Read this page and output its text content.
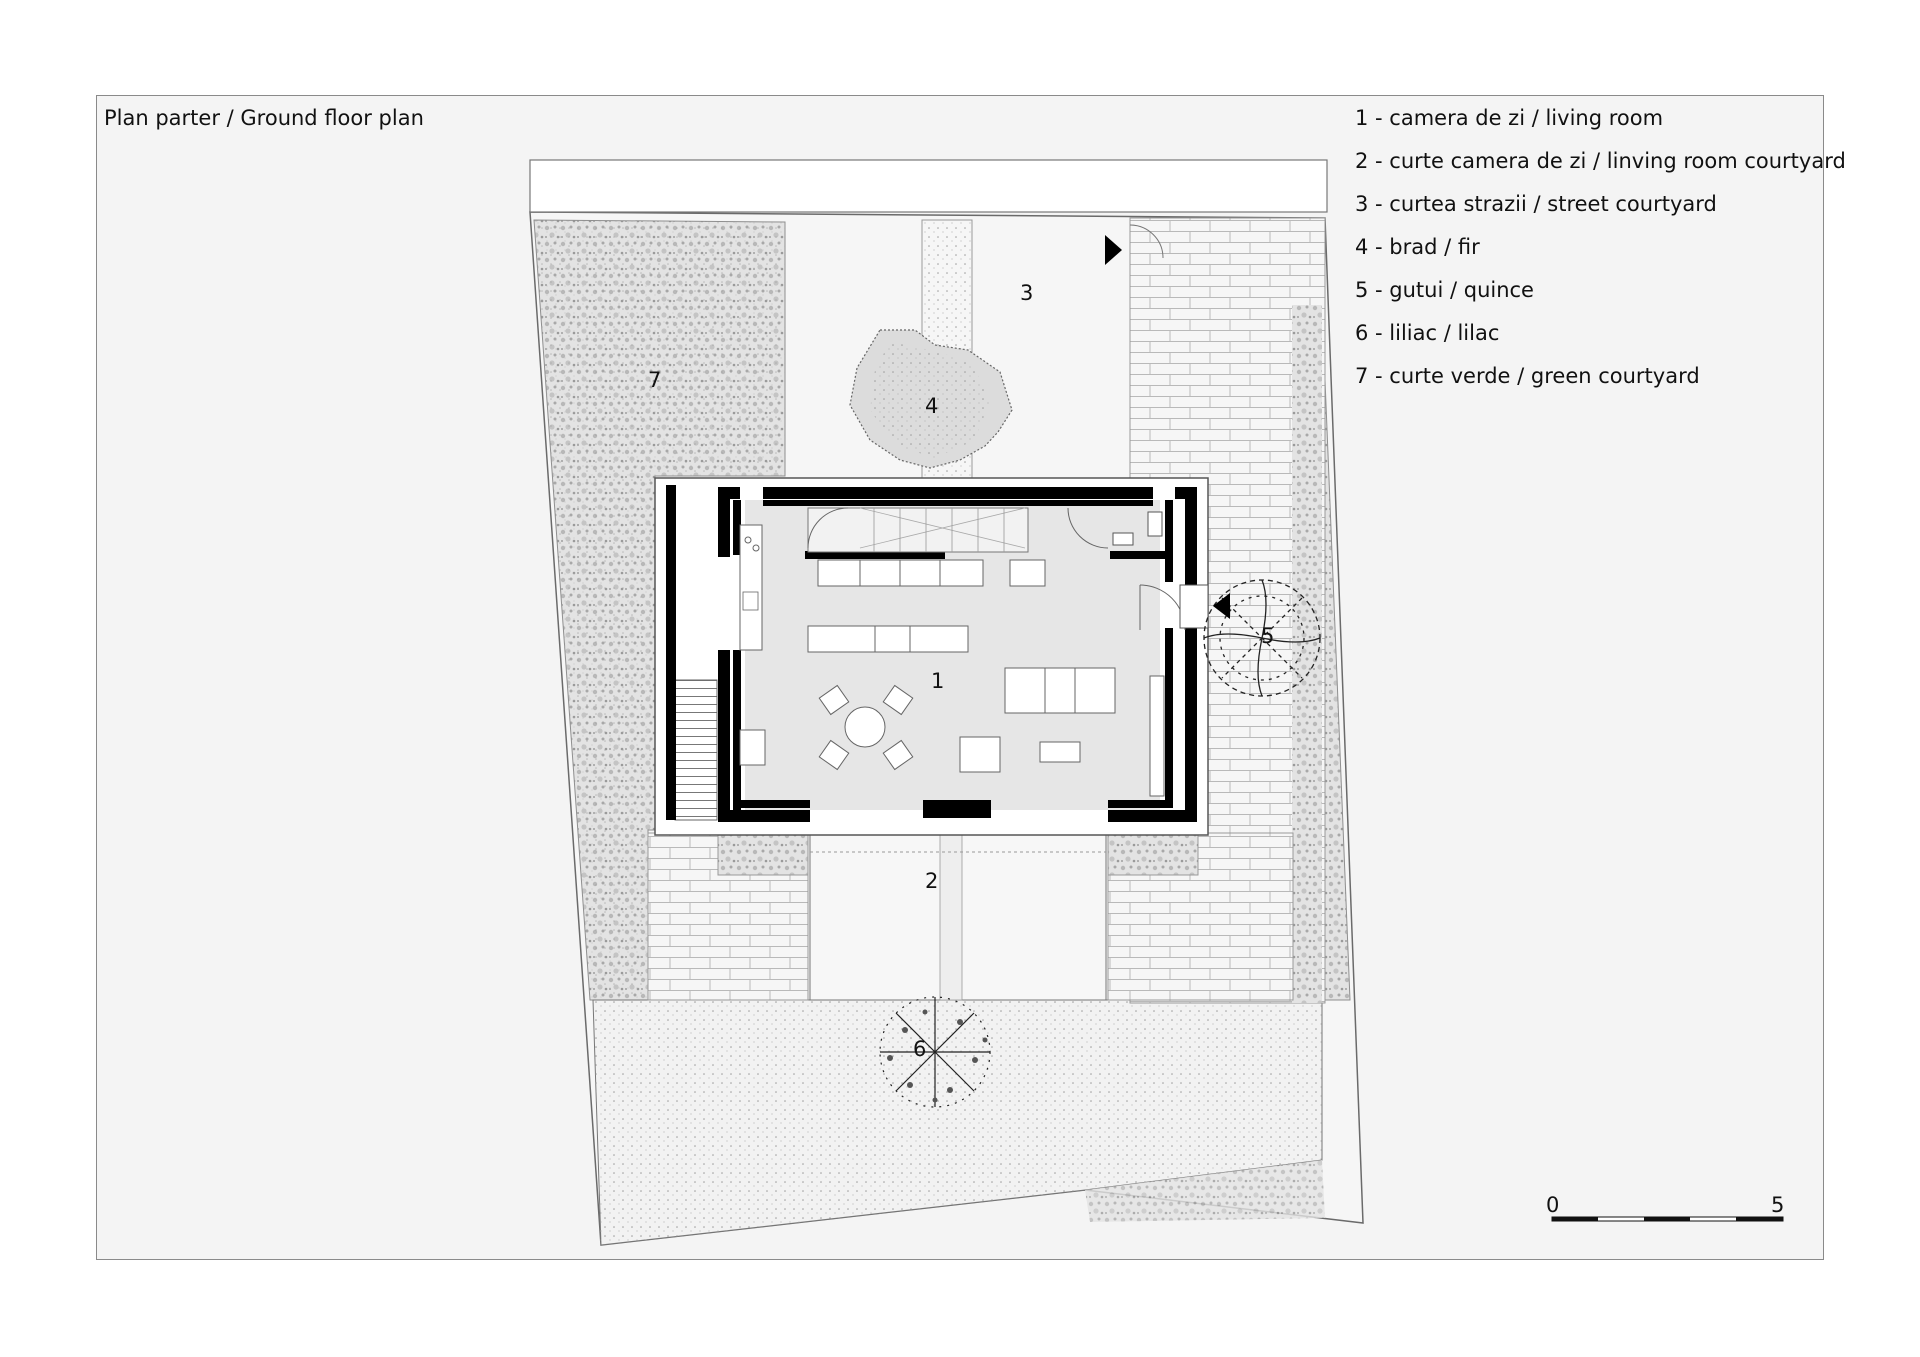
Plan parter / Ground floor plan	1 - camera de zi / living room
2 - curte camera de zi / linving room courtyard
3 - curtea strazii / street courtyard
4 - brad / fir
5 - gutui / quince
6 - liliac / lilac
7 - curte verde / green courtyard
1
2
3
4
5
6
7
0	5
